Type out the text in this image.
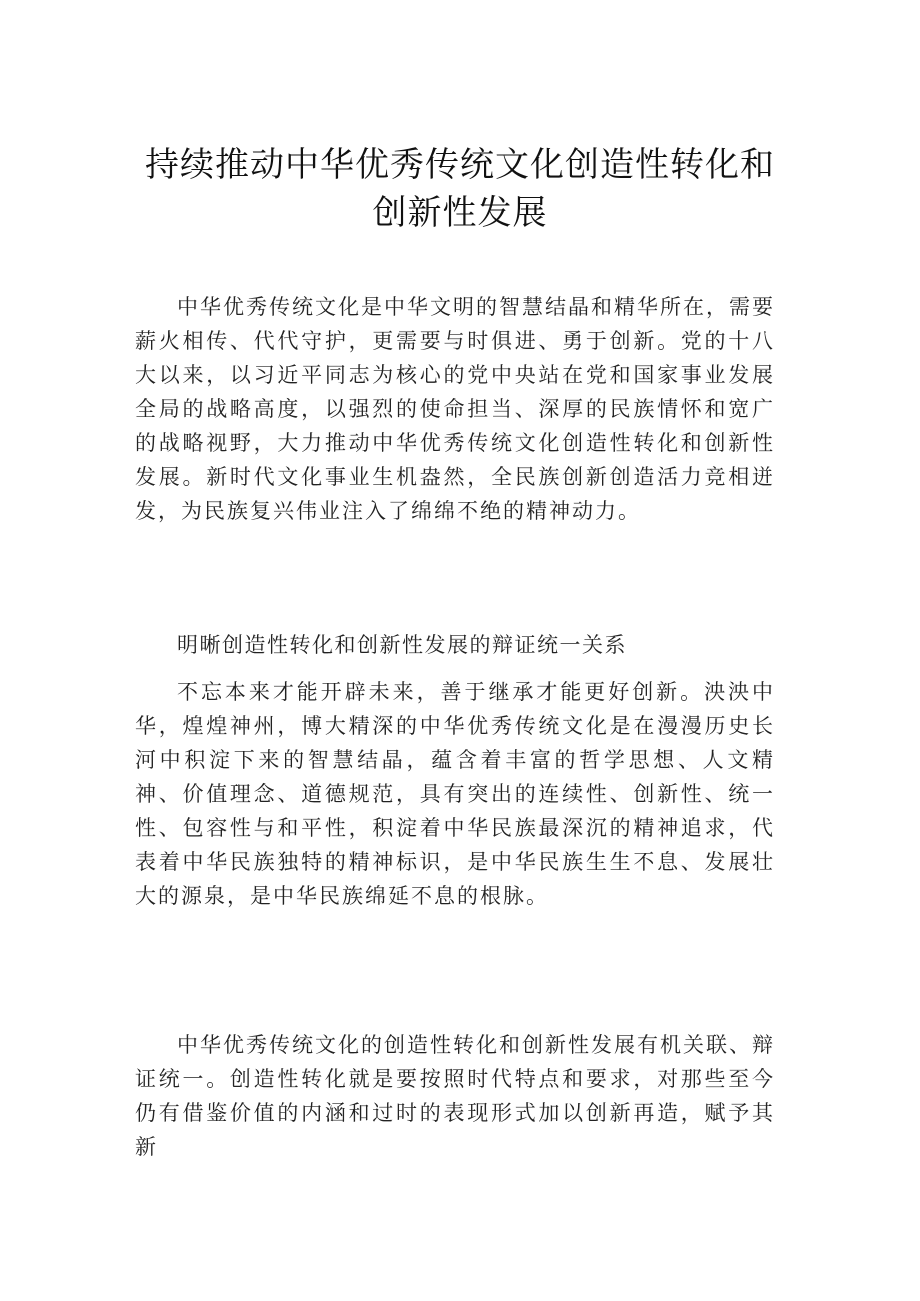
持续推动中华优秀传统文化创造性转化和
创新性发展

中华优秀传统文化是中华文明的智慧结晶和精华所在，需要薪火相传、代代守护，更需要与时俱进、勇于创新。党的十八大以来，以习近平同志为核心的党中央站在党和国家事业发展全局的战略高度，以强烈的使命担当、深厚的民族情怀和宽广的战略视野，大力推动中华优秀传统文化创造性转化和创新性发展。新时代文化事业生机盎然，全民族创新创造活力竞相迸发，为民族复兴伟业注入了绵绵不绝的精神动力。

明晰创造性转化和创新性发展的辩证统一关系

不忘本来才能开辟未来，善于继承才能更好创新。泱泱中华，煌煌神州，博大精深的中华优秀传统文化是在漫漫历史长河中积淀下来的智慧结晶，蕴含着丰富的哲学思想、人文精神、价值理念、道德规范，具有突出的连续性、创新性、统一性、包容性与和平性，积淀着中华民族最深沉的精神追求，代表着中华民族独特的精神标识，是中华民族生生不息、发展壮大的源泉，是中华民族绵延不息的根脉。

中华优秀传统文化的创造性转化和创新性发展有机关联、辩证统一。创造性转化就是要按照时代特点和要求，对那些至今仍有借鉴价值的内涵和过时的表现形式加以创新再造，赋予其新
